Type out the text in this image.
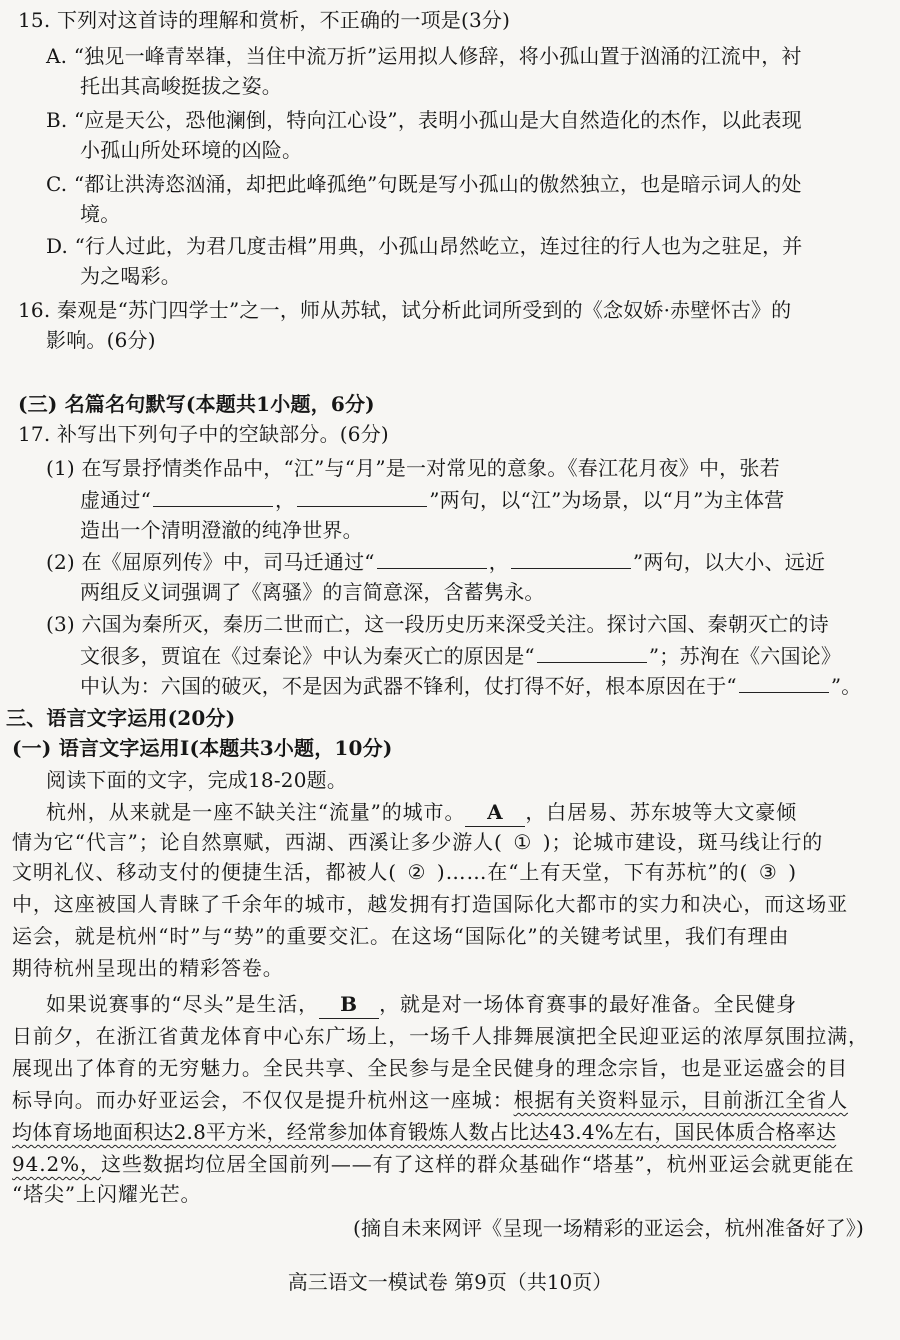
15. 下列对这首诗的理解和赏析，不正确的一项是(3分)
A. “独见一峰青崒嵂，当住中流万折”运用拟人修辞，将小孤山置于汹涌的江流中，衬
托出其高峻挺拔之姿。
B. “应是天公，恐他澜倒，特向江心设”，表明小孤山是大自然造化的杰作，以此表现
小孤山所处环境的凶险。
C. “都让洪涛恣汹涌，却把此峰孤绝”句既是写小孤山的傲然独立，也是暗示词人的处
境。
D. “行人过此，为君几度击楫”用典，小孤山昂然屹立，连过往的行人也为之驻足，并
为之喝彩。
16. 秦观是“苏门四学士”之一，师从苏轼，试分析此词所受到的《念奴娇·赤壁怀古》的
影响。(6分)
(三) 名篇名句默写(本题共1小题，6分)
17. 补写出下列句子中的空缺部分。(6分)
(1) 在写景抒情类作品中，“江”与“月”是一对常见的意象。《春江花月夜》中，张若
虚通过“	，	”两句，以“江”为场景，以“月”为主体营
造出一个清明澄澈的纯净世界。
(2) 在《屈原列传》中，司马迁通过“	，	”两句，以大小、远近
两组反义词强调了《离骚》的言简意深，含蓄隽永。
(3) 六国为秦所灭，秦历二世而亡，这一段历史历来深受关注。探讨六国、秦朝灭亡的诗
文很多，贾谊在《过秦论》中认为秦灭亡的原因是“	”；苏洵在《六国论》
中认为：六国的破灭，不是因为武器不锋利，仗打得不好，根本原因在于“	”。
三、语言文字运用(20分)
(一) 语言文字运用Ⅰ(本题共3小题，10分)
阅读下面的文字，完成18-20题。
杭州，从来就是一座不缺关注“流量”的城市。 A ，白居易、苏东坡等大文豪倾
情为它“代言”；论自然禀赋，西湖、西溪让多少游人( ① )；论城市建设，斑马线让行的
文明礼仪、移动支付的便捷生活，都被人( ② )……在“上有天堂，下有苏杭”的( ③ )
中，这座被国人青睐了千余年的城市，越发拥有打造国际化大都市的实力和决心，而这场亚
运会，就是杭州“时”与“势”的重要交汇。在这场“国际化”的关键考试里，我们有理由
期待杭州呈现出的精彩答卷。
如果说赛事的“尽头”是生活， B ，就是对一场体育赛事的最好准备。全民健身
日前夕，在浙江省黄龙体育中心东广场上，一场千人排舞展演把全民迎亚运的浓厚氛围拉满，
展现出了体育的无穷魅力。全民共享、全民参与是全民健身的理念宗旨，也是亚运盛会的目
标导向。而办好亚运会，不仅仅是提升杭州这一座城：根据有关资料显示，目前浙江全省人
均体育场地面积达2.8平方米，经常参加体育锻炼人数占比达43.4%左右，国民体质合格率达
94.2%，这些数据均位居全国前列——有了这样的群众基础作“塔基”，杭州亚运会就更能在
“塔尖”上闪耀光芒。
(摘自未来网评《呈现一场精彩的亚运会，杭州准备好了》)
高三语文一模试卷 第9页（共10页）
